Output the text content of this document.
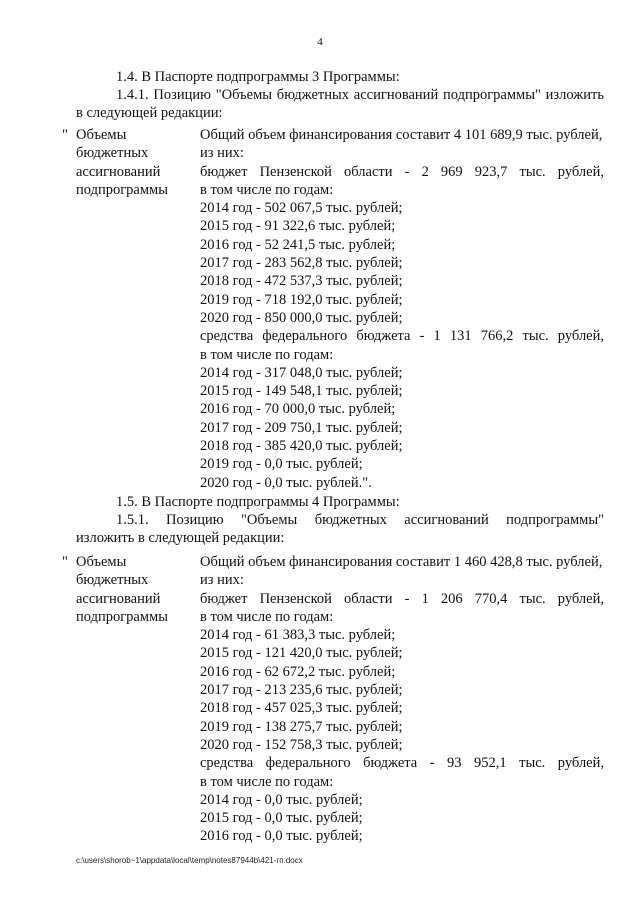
4

1.4. В Паспорте подпрограммы 3 Программы:

1.4.1. Позицию "Объемы бюджетных ассигнований подпрограммы" изложить

в следующей редакции:

" Объемы
бюджетных
ассигнований
подпрограммы
Общий объем финансирования составит 4 101 689,9 тыс. рублей,
из них:
бюджет Пензенской области - 2 969 923,7 тыс. рублей,
в том числе по годам:
2014 год - 502 067,5 тыс. рублей;
2015 год - 91 322,6 тыс. рублей;
2016 год - 52 241,5 тыс. рублей;
2017 год - 283 562,8 тыс. рублей;
2018 год - 472 537,3 тыс. рублей;
2019 год - 718 192,0 тыс. рублей;
2020 год - 850 000,0 тыс. рублей;
средства федерального бюджета - 1 131 766,2 тыс. рублей,
в том числе по годам:
2014 год - 317 048,0 тыс. рублей;
2015 год - 149 548,1 тыс. рублей;
2016 год - 70 000,0 тыс. рублей;
2017 год - 209 750,1 тыс. рублей;
2018 год - 385 420,0 тыс. рублей;
2019 год - 0,0 тыс. рублей;
2020 год - 0,0 тыс. рублей.".

1.5. В Паспорте подпрограммы 4 Программы:

1.5.1. Позицию "Объемы бюджетных ассигнований подпрограммы"

изложить в следующей редакции:

" Объемы
бюджетных
ассигнований
подпрограммы
Общий объем финансирования составит 1 460 428,8 тыс. рублей,
из них:
бюджет Пензенской области - 1 206 770,4 тыс. рублей,
в том числе по годам:
2014 год - 61 383,3 тыс. рублей;
2015 год - 121 420,0 тыс. рублей;
2016 год - 62 672,2 тыс. рублей;
2017 год - 213 235,6 тыс. рублей;
2018 год - 457 025,3 тыс. рублей;
2019 год - 138 275,7 тыс. рублей;
2020 год - 152 758,3 тыс. рублей;
средства федерального бюджета - 93 952,1 тыс. рублей,
в том числе по годам:
2014 год - 0,0 тыс. рублей;
2015 год - 0,0 тыс. рублей;
2016 год - 0,0 тыс. рублей;
c:\users\shorob~1\appdata\local\temp\notes87944b\421-гп.docx
